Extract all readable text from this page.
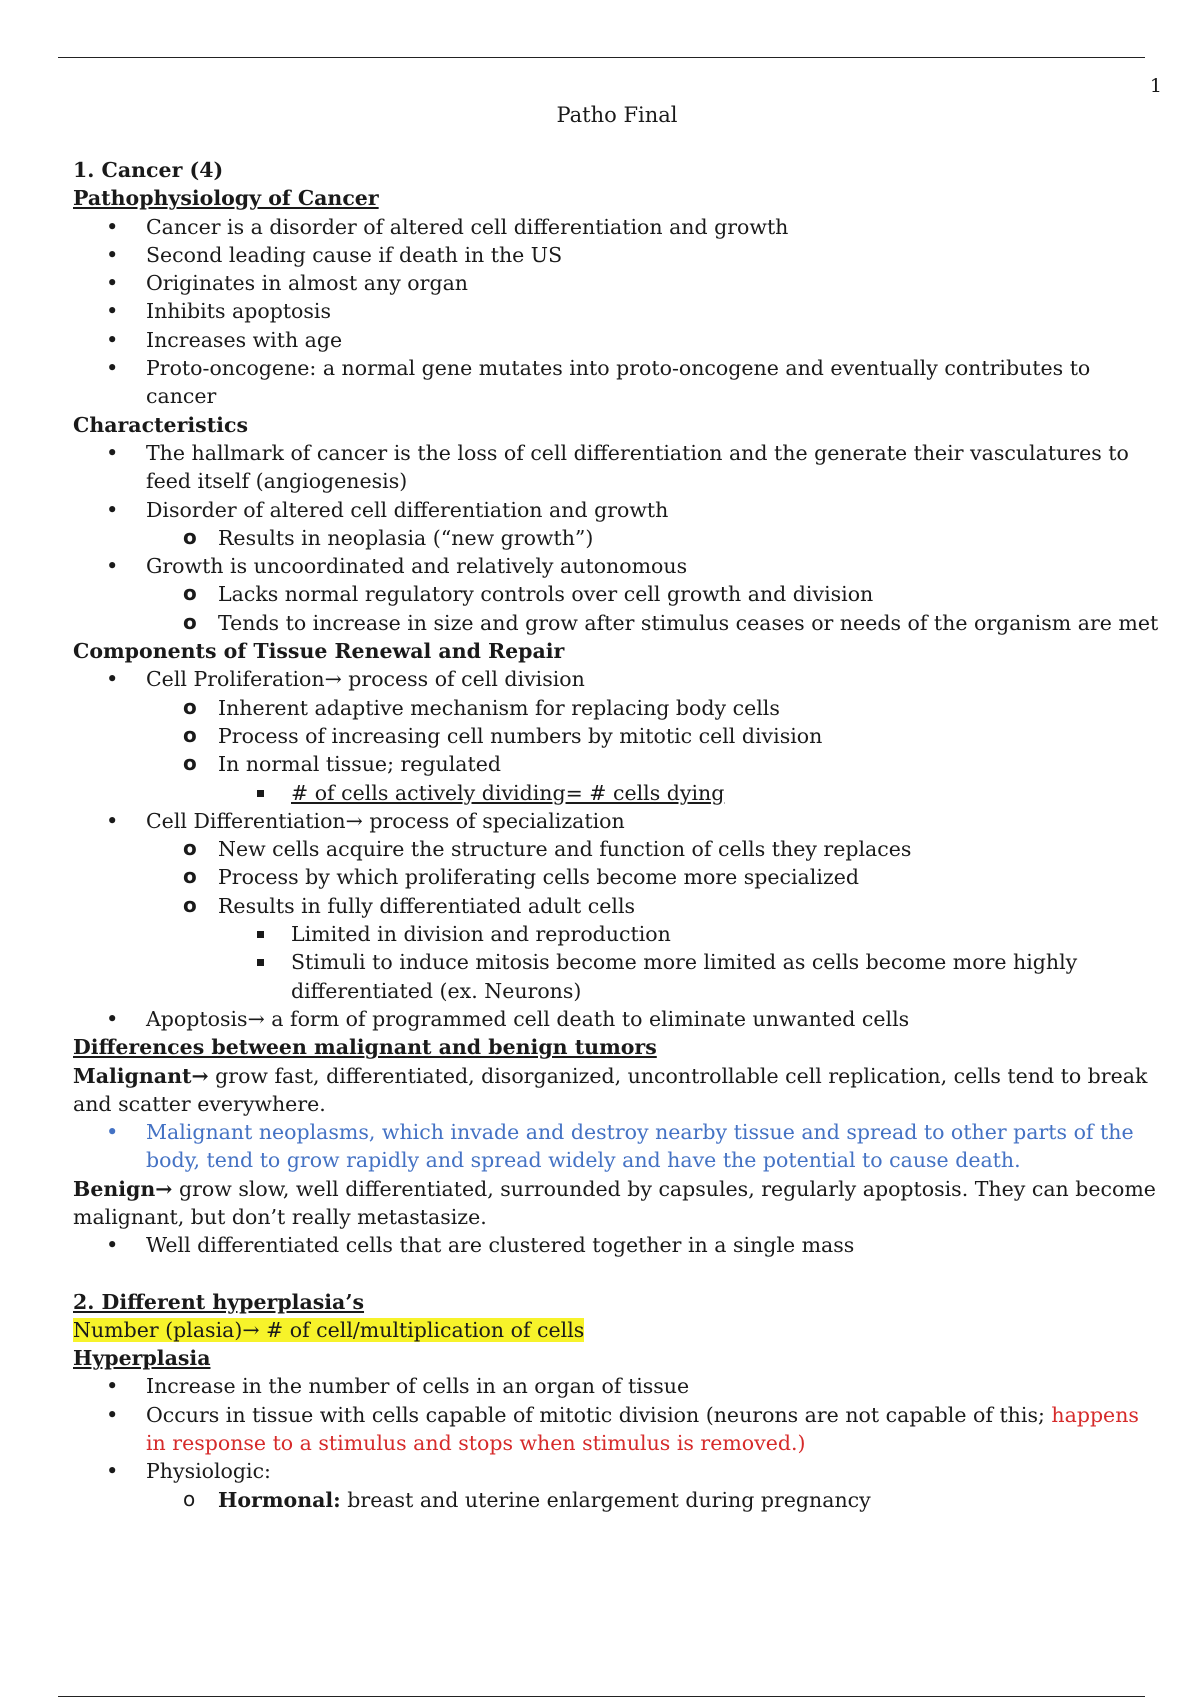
1
Patho Final
1. Cancer (4)
Pathophysiology of Cancer
• Cancer is a disorder of altered cell differentiation and growth
• Second leading cause if death in the US
• Originates in almost any organ
• Inhibits apoptosis
• Increases with age
• Proto-oncogene: a normal gene mutates into proto-oncogene and eventually contributes to cancer
Characteristics
• The hallmark of cancer is the loss of cell differentiation and the generate their vasculatures to feed itself (angiogenesis)
• Disorder of altered cell differentiation and growth
o Results in neoplasia (“new growth”)
• Growth is uncoordinated and relatively autonomous
o Lacks normal regulatory controls over cell growth and division
o Tends to increase in size and grow after stimulus ceases or needs of the organism are met
Components of Tissue Renewal and Repair
• Cell Proliferation→ process of cell division
o Inherent adaptive mechanism for replacing body cells
o Process of increasing cell numbers by mitotic cell division
o In normal tissue; regulated
# of cells actively dividing= # cells dying
• Cell Differentiation→ process of specialization
o New cells acquire the structure and function of cells they replaces
o Process by which proliferating cells become more specialized
o Results in fully differentiated adult cells
Limited in division and reproduction
Stimuli to induce mitosis become more limited as cells become more highly differentiated (ex. Neurons)
• Apoptosis→ a form of programmed cell death to eliminate unwanted cells
Differences between malignant and benign tumors
Malignant→ grow fast, differentiated, disorganized, uncontrollable cell replication, cells tend to break and scatter everywhere.
• Malignant neoplasms, which invade and destroy nearby tissue and spread to other parts of the body, tend to grow rapidly and spread widely and have the potential to cause death.
Benign→ grow slow, well differentiated, surrounded by capsules, regularly apoptosis. They can become malignant, but don’t really metastasize.
• Well differentiated cells that are clustered together in a single mass
2. Different hyperplasia’s
Number (plasia)→ # of cell/multiplication of cells
Hyperplasia
• Increase in the number of cells in an organ of tissue
• Occurs in tissue with cells capable of mitotic division (neurons are not capable of this; happens in response to a stimulus and stops when stimulus is removed.)
• Physiologic:
o Hormonal: breast and uterine enlargement during pregnancy
